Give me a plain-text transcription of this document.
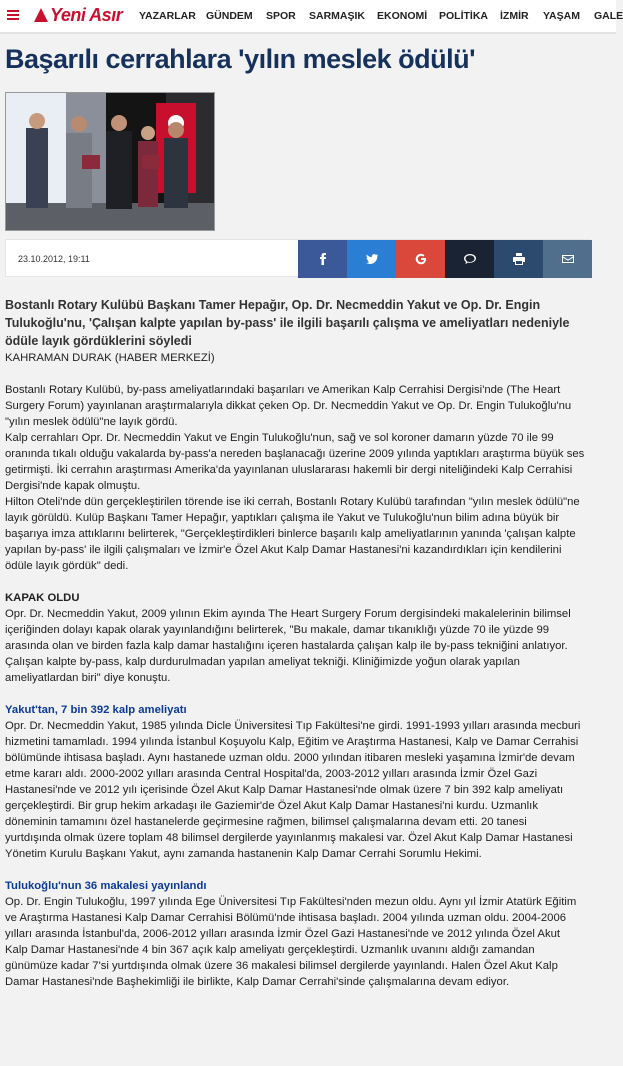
Yeni Asır YAZARLAR GÜNDEM SPOR SARMAŞIK EKONOMİ POLİTİKA İZMİR YAŞAM GALE
Başarılı cerrahlara 'yılın meslek ödülü'
23.10.2012, 19:11

Bostanlı Rotary Kulübü Başkanı Tamer Hepağır, Op. Dr. Necmeddin Yakut ve Op. Dr. Engin Tulukoğlu'nu, 'Çalışan kalpte yapılan by-pass' ile ilgili başarılı çalışma ve ameliyatları nedeniyle ödüle layık gördüklerini söyledi

KAHRAMAN DURAK (HABER MERKEZİ)

Bostanlı Rotary Kulübü, by-pass ameliyatlarındaki başarıları ve Amerikan Kalp Cerrahisi Dergisi'nde (The Heart Surgery Forum) yayınlanan araştırmalarıyla dikkat çeken Op. Dr. Necmeddin Yakut ve Op. Dr. Engin Tulukoğlu'nu "yılın meslek ödülü"ne layık gördü.

Kalp cerrahları Opr. Dr. Necmeddin Yakut ve Engin Tulukoğlu'nun, sağ ve sol koroner damarın yüzde 70 ile 99 oranında tıkalı olduğu vakalarda by-pass'a nereden başlanacağı üzerine 2009 yılında yaptıkları araştırma büyük ses getirmişti. İki cerrahın araştırması Amerika'da yayınlanan uluslararası hakemli bir dergi niteliğindeki Kalp Cerrahisi Dergisi'nde kapak olmuştu.

Hilton Oteli'nde dün gerçekleştirilen törende ise iki cerrah, Bostanlı Rotary Kulübü tarafından "yılın meslek ödülü"ne layık görüldü. Kulüp Başkanı Tamer Hepağır, yaptıkları çalışma ile Yakut ve Tulukoğlu'nun bilim adına büyük bir başarıya imza attıklarını belirterek, "Gerçekleştirdikleri binlerce başarılı kalp ameliyatlarının yanında 'çalışan kalpte yapılan by-pass' ile ilgili çalışmaları ve İzmir'e Özel Akut Kalp Damar Hastanesi'ni kazandırdıkları için kendilerini ödüle layık gördük" dedi.

KAPAK OLDU

Opr. Dr. Necmeddin Yakut, 2009 yılının Ekim ayında The Heart Surgery Forum dergisindeki makalelerinin bilimsel içeriğinden dolayı kapak olarak yayınlandığını belirterek, "Bu makale, damar tıkanıklığı yüzde 70 ile yüzde 99 arasında olan ve birden fazla kalp damar hastalığını içeren hastalarda çalışan kalp ile by-pass tekniğini anlatıyor. Çalışan kalpte by-pass, kalp durdurulmadan yapılan ameliyat tekniği. Kliniğimizde yoğun olarak yapılan ameliyatlardan biri" diye konuştu.

Yakut'tan, 7 bin 392 kalp ameliyatı

Opr. Dr. Necmeddin Yakut, 1985 yılında Dicle Üniversitesi Tıp Fakültesi'ne girdi. 1991-1993 yılları arasında mecburi hizmetini tamamladı. 1994 yılında İstanbul Koşuyolu Kalp, Eğitim ve Araştırma Hastanesi, Kalp ve Damar Cerrahisi bölümünde ihtisasa başladı. Aynı hastanede uzman oldu. 2000 yılından itibaren mesleki yaşamına İzmir'de devam etme kararı aldı. 2000-2002 yılları arasında Central Hospital'da, 2003-2012 yılları arasında İzmir Özel Gazi Hastanesi'nde ve 2012 yılı içerisinde Özel Akut Kalp Damar Hastanesi'nde olmak üzere 7 bin 392 kalp ameliyatı gerçekleştirdi. Bir grup hekim arkadaşı ile Gaziemir'de Özel Akut Kalp Damar Hastanesi'ni kurdu. Uzmanlık döneminin tamamını özel hastanelerde geçirmesine rağmen, bilimsel çalışmalarına devam etti. 20 tanesi yurtdışında olmak üzere toplam 48 bilimsel dergilerde yayınlanmış makalesi var. Özel Akut Kalp Damar Hastanesi Yönetim Kurulu Başkanı Yakut, aynı zamanda hastanenin Kalp Damar Cerrahi Sorumlu Hekimi.

Tulukoğlu'nun 36 makalesi yayınlandı

Op. Dr. Engin Tulukoğlu, 1997 yılında Ege Üniversitesi Tıp Fakültesi'nden mezun oldu. Aynı yıl İzmir Atatürk Eğitim ve Araştırma Hastanesi Kalp Damar Cerrahisi Bölümü'nde ihtisasa başladı. 2004 yılında uzman oldu. 2004-2006 yılları arasında İstanbul'da, 2006-2012 yılları arasında İzmir Özel Gazi Hastanesi'nde ve 2012 yılında Özel Akut Kalp Damar Hastanesi'nde 4 bin 367 açık kalp ameliyatı gerçekleştirdi. Uzmanlık uvanını aldığı zamandan günümüze kadar 7'si yurtdışında olmak üzere 36 makalesi bilimsel dergilerde yayınlandı. Halen Özel Akut Kalp Damar Hastanesi'nde Başhekimliği ile birlikte, Kalp Damar Cerrahi'sinde çalışmalarına devam ediyor.
